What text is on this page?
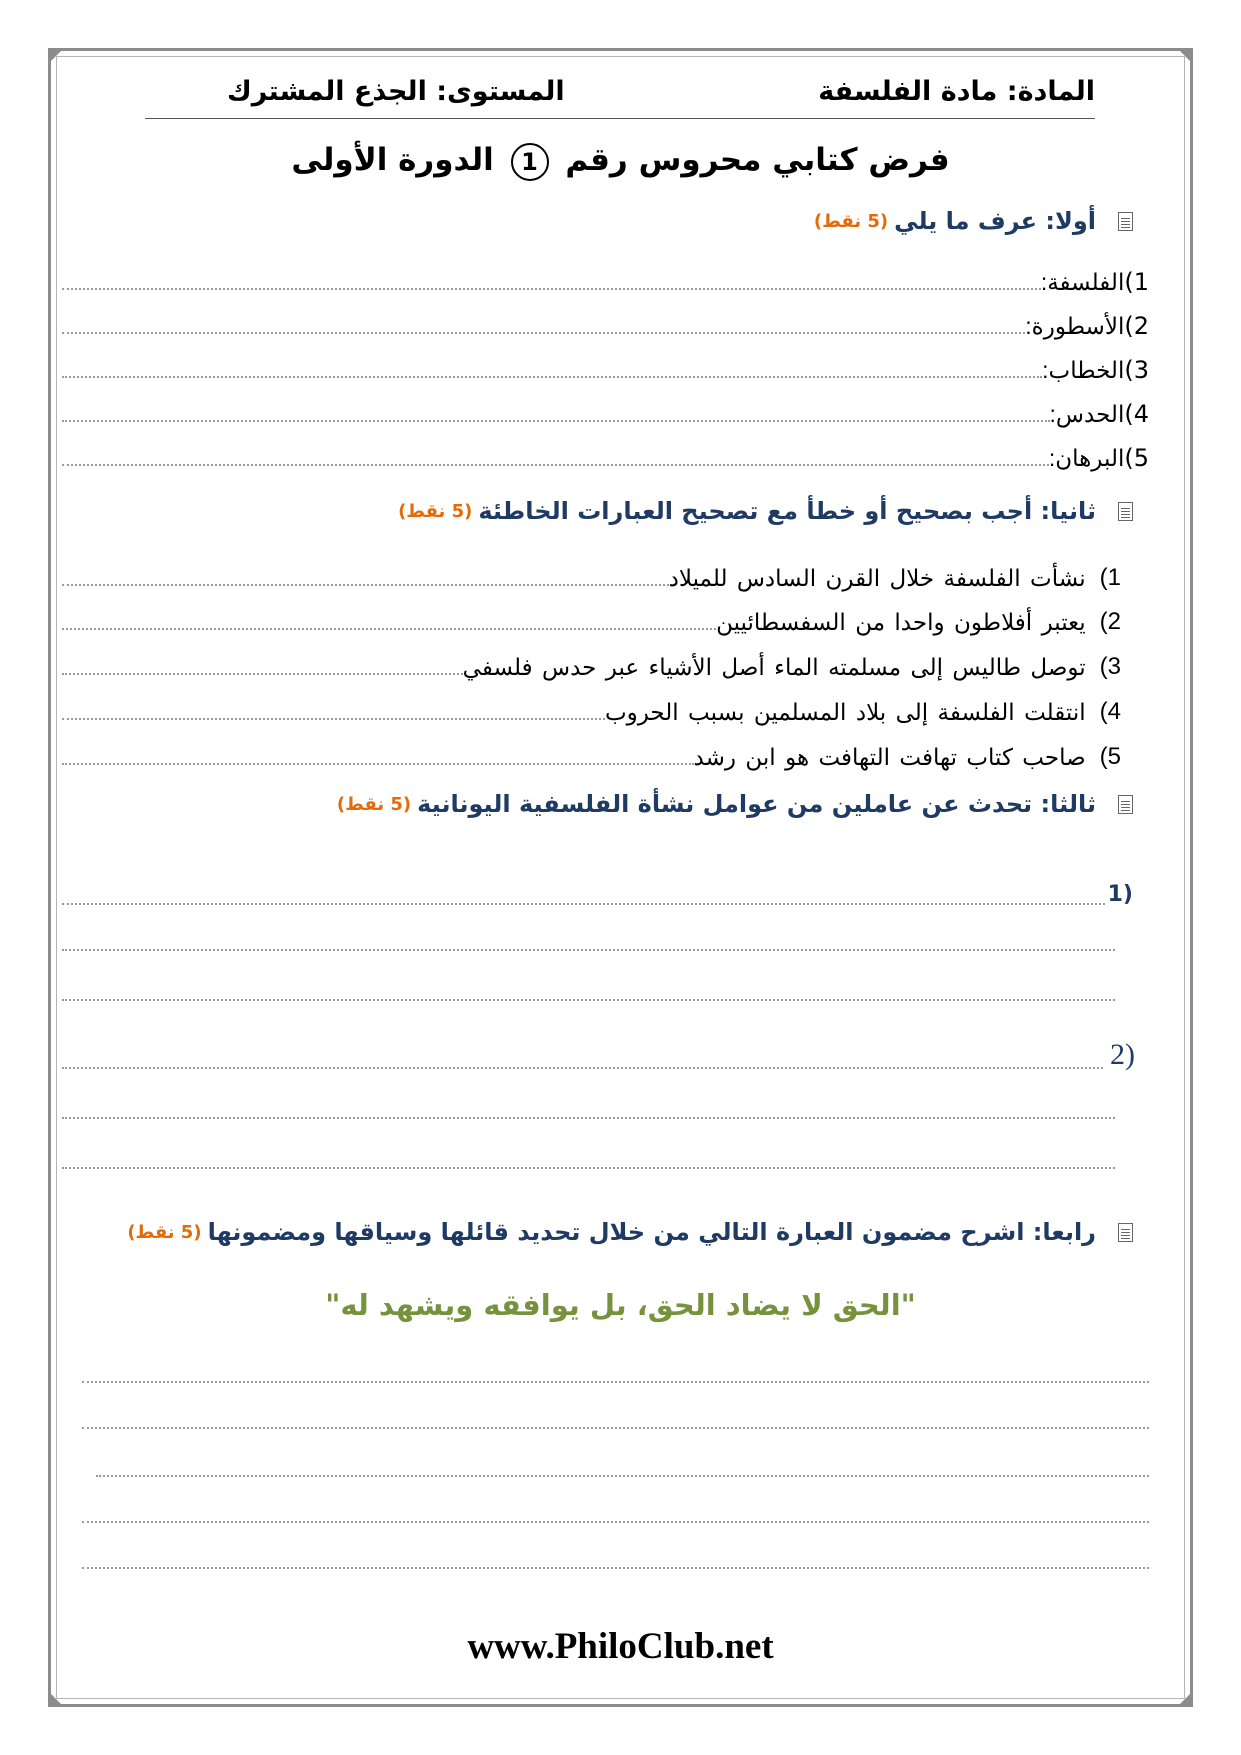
المادة: مادة الفلسفة
المستوى: الجذع المشترك
فرض كتابي محروس رقم 1 الدورة الأولى
أولا: عرف ما يلي
(5 نقط)
1)
الفلسفة:
2)
الأسطورة:
3)
الخطاب:
4)
الحدس:
5)
البرهان:
ثانيا: أجب بصحيح أو خطأ مع تصحيح العبارات الخاطئة
(5 نقط)
1)
نشأت الفلسفة خلال القرن السادس للميلاد
2)
يعتبر أفلاطون واحدا من السفسطائيين
3)
توصل طاليس إلى مسلمته الماء أصل الأشياء عبر حدس فلسفي
4)
انتقلت الفلسفة إلى بلاد المسلمين بسبب الحروب
5)
صاحب كتاب تهافت التهافت هو ابن رشد
ثالثا: تحدث عن عاملين من عوامل نشأة الفلسفية اليونانية
(5 نقط)
1)
2)
رابعا: اشرح مضمون العبارة التالي من خلال تحديد قائلها وسياقها ومضمونها
(5 نقط)
"الحق لا يضاد الحق، بل يوافقه ويشهد له"
www.PhiloClub.net
